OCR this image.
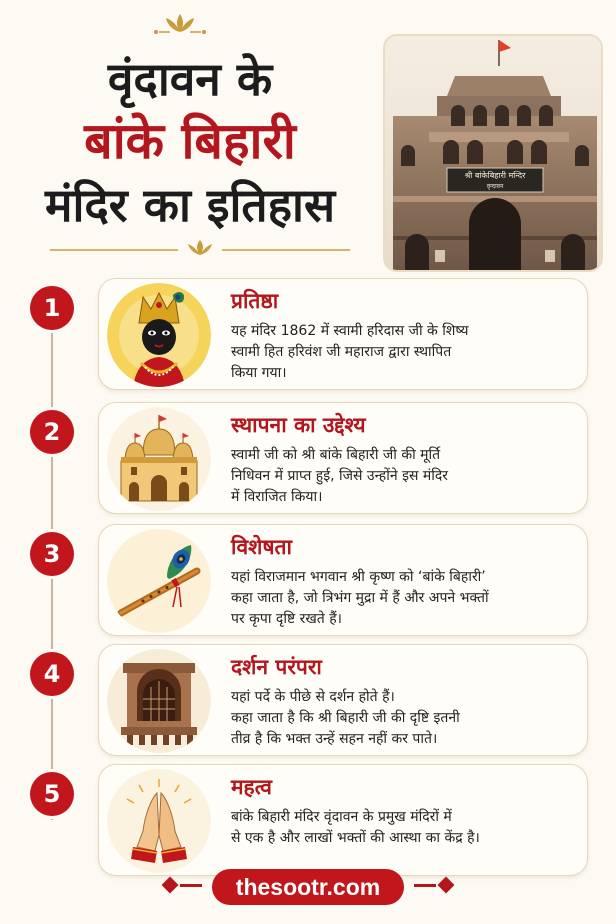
वृंदावन के
बांके बिहारी
मंदिर का इतिहास
श्री बांकेबिहारी मन्दिर
वृन्दावन
1	प्रतिष्ठा
यह मंदिर 1862 में स्वामी हरिदास जी के शिष्य
स्वामी हित हरिवंश जी महाराज द्वारा स्थापित
किया गया।
2	स्थापना का उद्देश्य
स्वामी जी को श्री बांके बिहारी जी की मूर्ति
निधिवन में प्राप्त हुई, जिसे उन्होंने इस मंदिर
में विराजित किया।
3	विशेषता
यहां विराजमान भगवान श्री कृष्ण को ‘बांके बिहारी’
कहा जाता है, जो त्रिभंग मुद्रा में हैं और अपने भक्तों
पर कृपा दृष्टि रखते हैं।
4	दर्शन परंपरा
यहां पर्दे के पीछे से दर्शन होते हैं।
कहा जाता है कि श्री बिहारी जी की दृष्टि इतनी
तीव्र है कि भक्त उन्हें सहन नहीं कर पाते।
5	महत्व
बांके बिहारी मंदिर वृंदावन के प्रमुख मंदिरों में
से एक है और लाखों भक्तों की आस्था का केंद्र है।
thesootr.com
